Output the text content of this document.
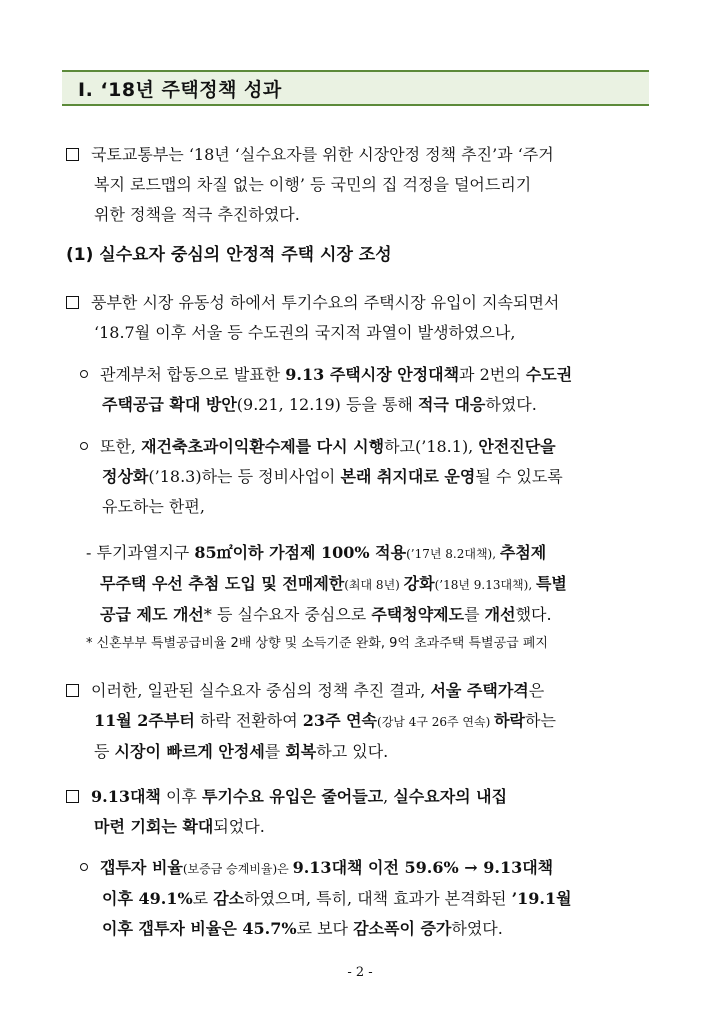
Ⅰ. ‘18년 주택정책 성과
국토교통부는 ‘18년 ‘실수요자를 위한 시장안정 정책 추진’과 ‘주거
복지 로드맵의 차질 없는 이행’ 등 국민의 집 걱정을 덜어드리기
위한 정책을 적극 추진하였다.
(1) 실수요자 중심의 안정적 주택 시장 조성
풍부한 시장 유동성 하에서 투기수요의 주택시장 유입이 지속되면서
‘18.7월 이후 서울 등 수도권의 국지적 과열이 발생하였으나,
관계부처 합동으로 발표한 9.13 주택시장 안정대책과 2번의 수도권
주택공급 확대 방안(9.21, 12.19) 등을 통해 적극 대응하였다.
또한, 재건축초과이익환수제를 다시 시행하고(’18.1), 안전진단을
정상화(’18.3)하는 등 정비사업이 본래 취지대로 운영될 수 있도록
유도하는 한편,
- 투기과열지구 85㎡이하 가점제 100% 적용(’17년 8.2대책), 추첨제
무주택 우선 추첨 도입 및 전매제한(최대 8년) 강화(’18년 9.13대책), 특별
공급 제도 개선* 등 실수요자 중심으로 주택청약제도를 개선했다.
* 신혼부부 특별공급비율 2배 상향 및 소득기준 완화, 9억 초과주택 특별공급 폐지
이러한, 일관된 실수요자 중심의 정책 추진 결과, 서울 주택가격은
11월 2주부터 하락 전환하여 23주 연속(강남 4구 26주 연속) 하락하는
등 시장이 빠르게 안정세를 회복하고 있다.
9.13대책 이후 투기수요 유입은 줄어들고, 실수요자의 내집
마련 기회는 확대되었다.
갭투자 비율(보증금 승계비율)은 9.13대책 이전 59.6% → 9.13대책
이후 49.1%로 감소하였으며, 특히, 대책 효과가 본격화된 ’19.1월
이후 갭투자 비율은 45.7%로 보다 감소폭이 증가하였다.
- 2 -
